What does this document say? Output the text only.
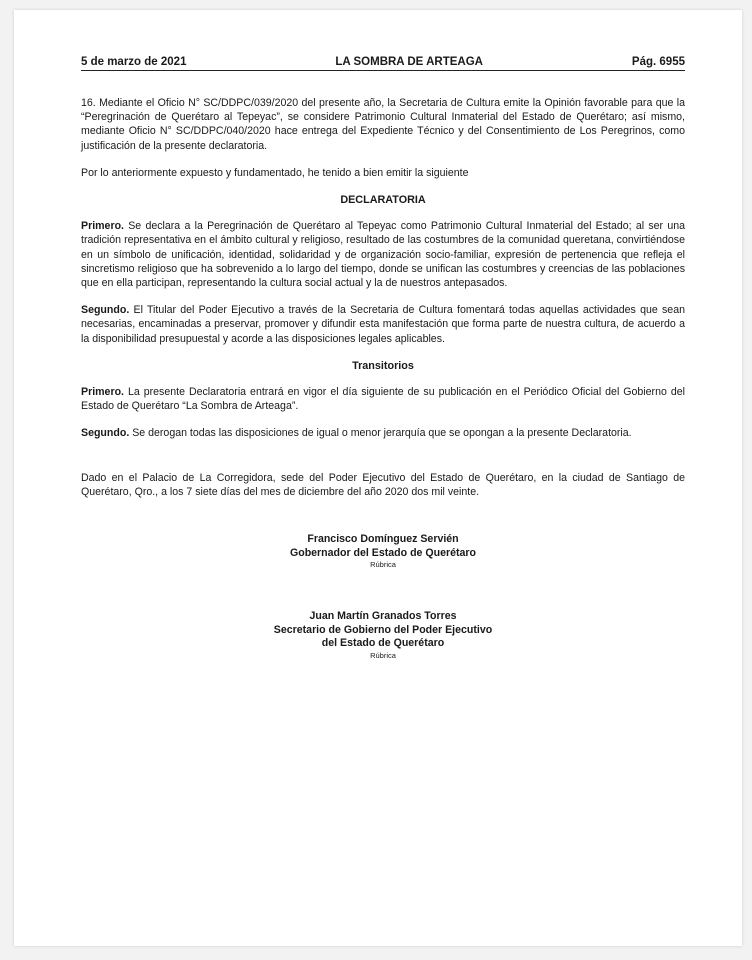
5 de marzo de 2021	LA SOMBRA DE ARTEAGA	Pág. 6955

16. Mediante el Oficio N° SC/DDPC/039/2020 del presente año, la Secretaria de Cultura emite la Opinión favorable para que la “Peregrinación de Querétaro al Tepeyac”, se considere Patrimonio Cultural Inmaterial del Estado de Querétaro; así mismo, mediante Oficio N° SC/DDPC/040/2020 hace entrega del Expediente Técnico y del Consentimiento de Los Peregrinos, como justificación de la presente declaratoria.

Por lo anteriormente expuesto y fundamentado, he tenido a bien emitir la siguiente

DECLARATORIA

Primero. Se declara a la Peregrinación de Querétaro al Tepeyac como Patrimonio Cultural Inmaterial del Estado; al ser una tradición representativa en el ámbito cultural y religioso, resultado de las costumbres de la comunidad queretana, convirtiéndose en un símbolo de unificación, identidad, solidaridad y de organización socio-familiar, expresión de pertenencia que refleja el sincretismo religioso que ha sobrevenido a lo largo del tiempo, donde se unifican las costumbres y creencias de las poblaciones que en ella participan, representando la cultura social actual y la de nuestros antepasados.

Segundo. El Titular del Poder Ejecutivo a través de la Secretaria de Cultura fomentará todas aquellas actividades que sean necesarias, encaminadas a preservar, promover y difundir esta manifestación que forma parte de nuestra cultura, de acuerdo a la disponibilidad presupuestal y acorde a las disposiciones legales aplicables.

Transitorios

Primero. La presente Declaratoria entrará en vigor el día siguiente de su publicación en el Periódico Oficial del Gobierno del Estado de Querétaro “La Sombra de Arteaga”.

Segundo. Se derogan todas las disposiciones de igual o menor jerarquía que se opongan a la presente Declaratoria.

Dado en el Palacio de La Corregidora, sede del Poder Ejecutivo del Estado de Querétaro, en la ciudad de Santiago de Querétaro, Qro., a los 7 siete días del mes de diciembre del año 2020 dos mil veinte.

Francisco Domínguez Servién
Gobernador del Estado de Querétaro
Rúbrica
Juan Martín Granados Torres
Secretario de Gobierno del Poder Ejecutivo
del Estado de Querétaro
Rúbrica
